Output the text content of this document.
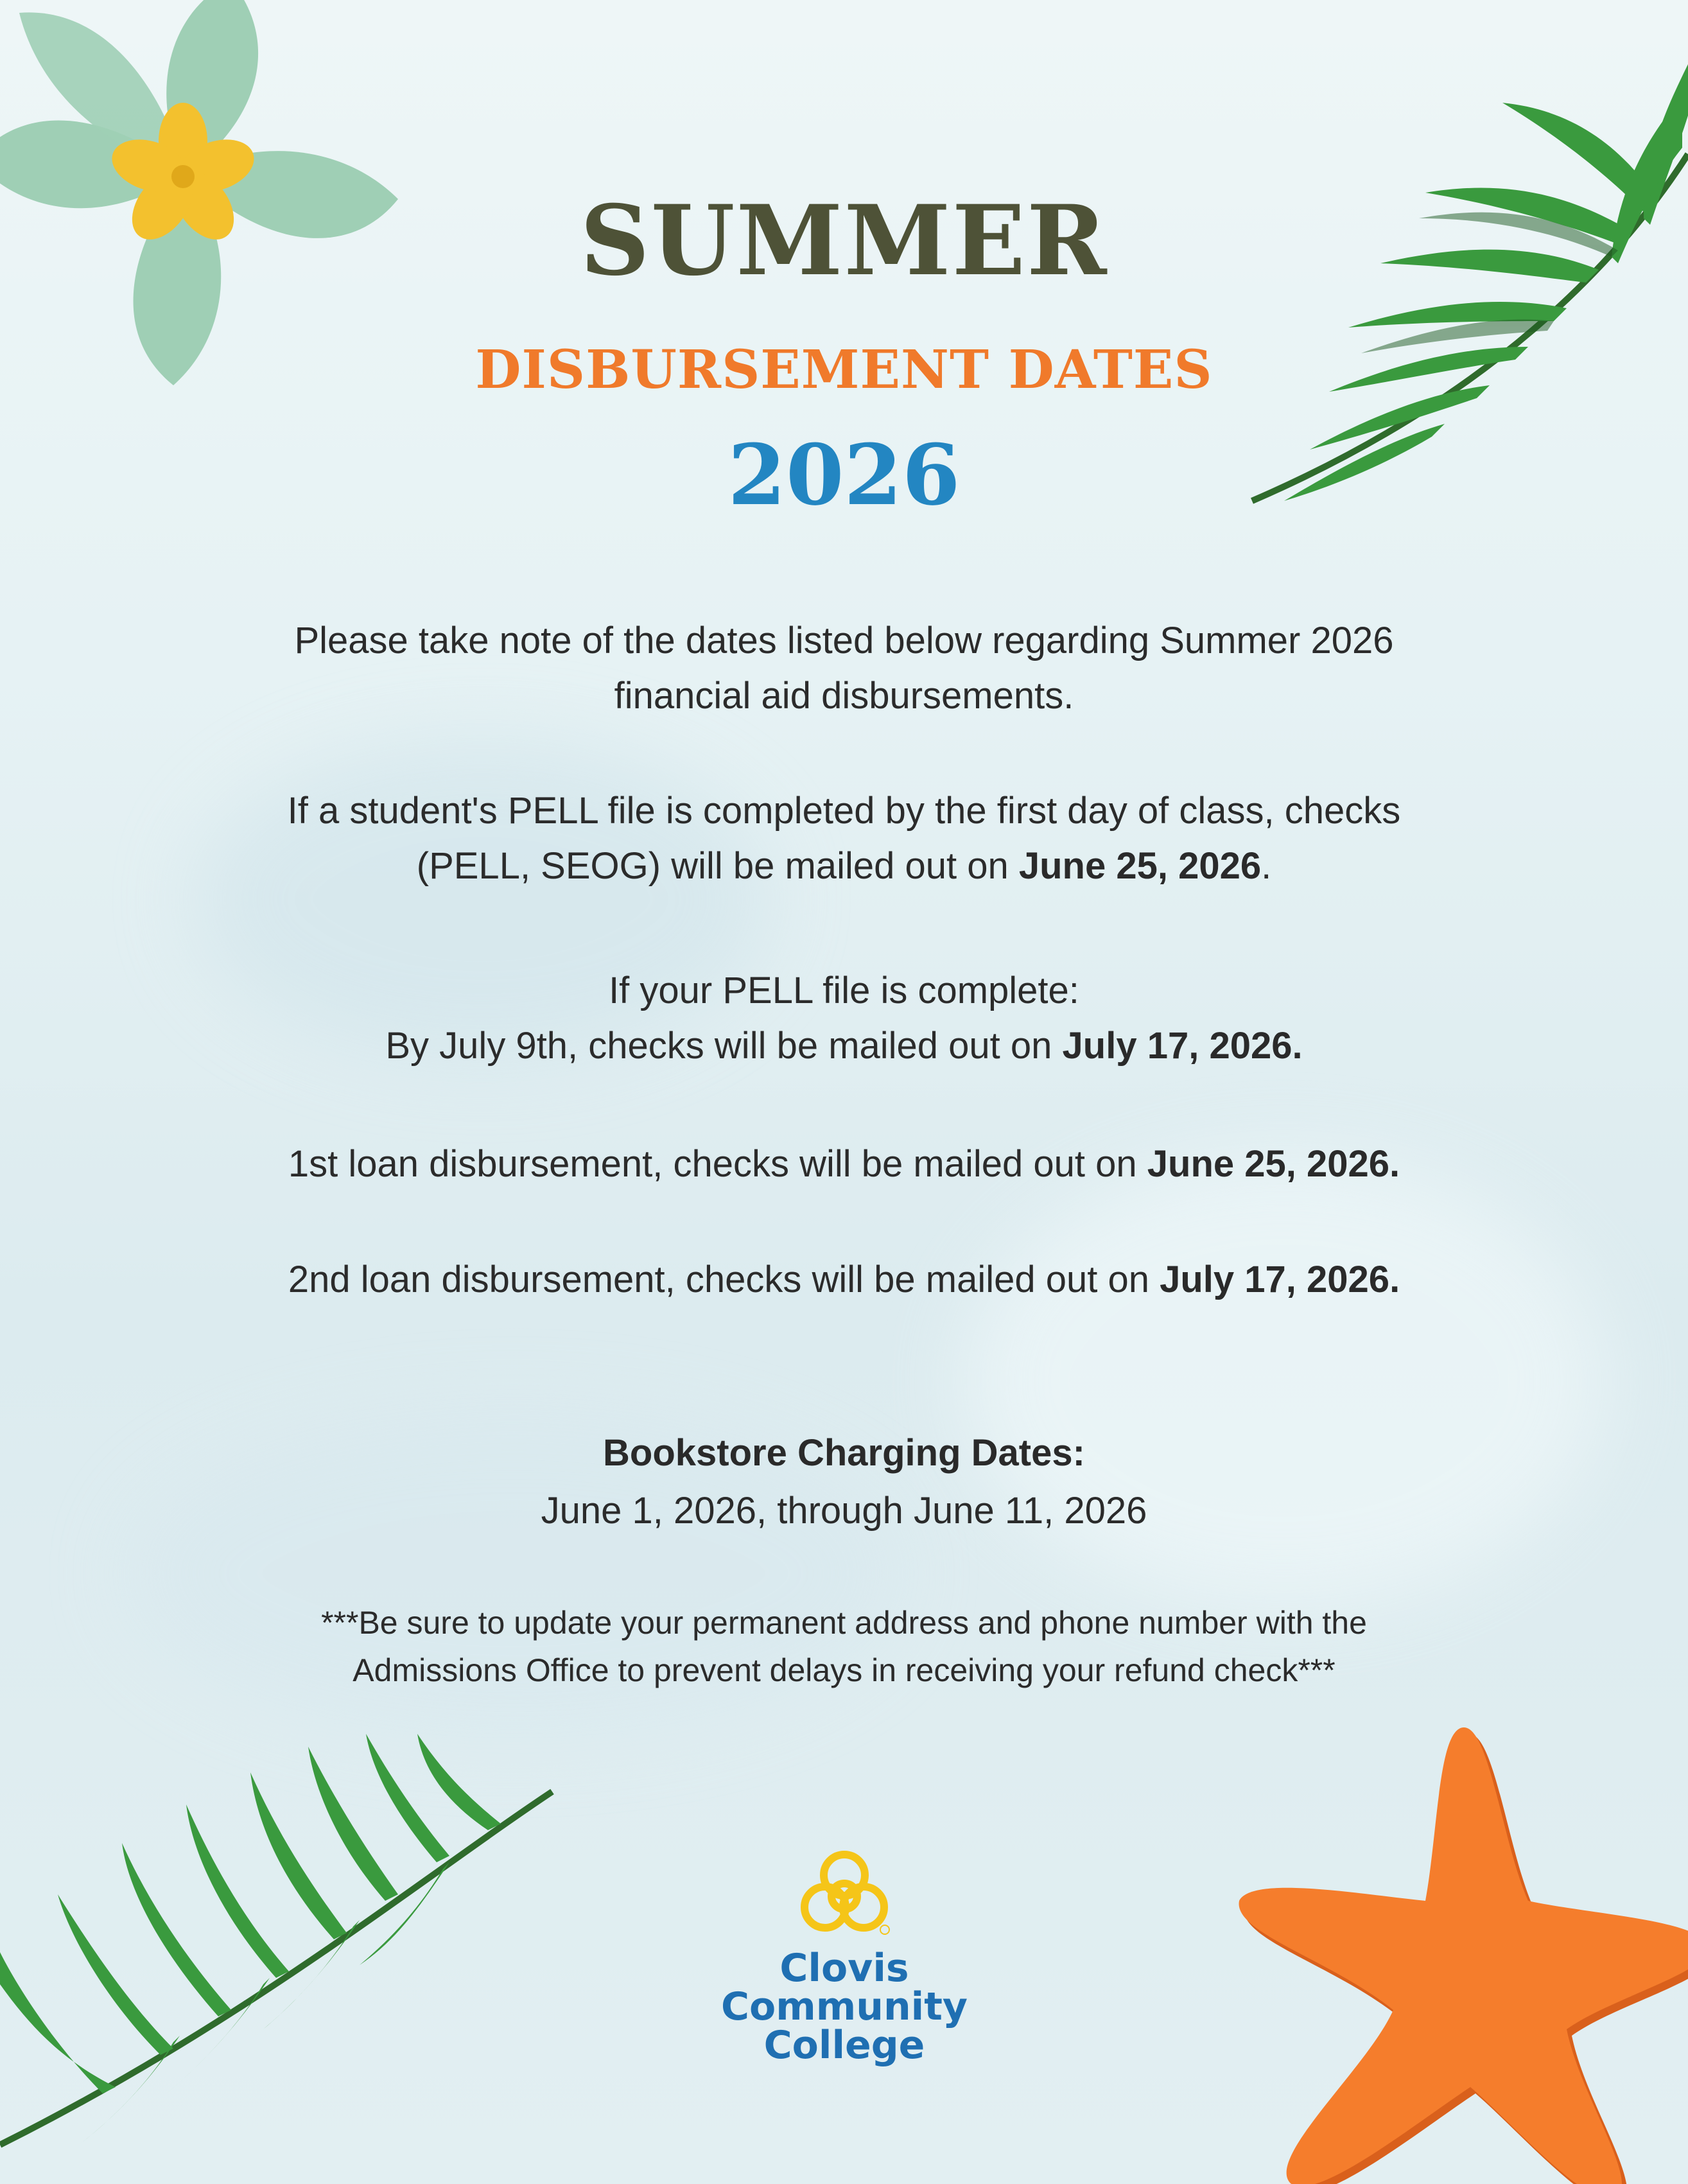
SUMMER
DISBURSEMENT DATES
2026
Please take note of the dates listed below regarding Summer 2026
financial aid disbursements.
If a student's PELL file is completed by the first day of class, checks
(PELL, SEOG) will be mailed out on June 25, 2026.
If your PELL file is complete:
By July 9th, checks will be mailed out on July 17, 2026.
1st loan disbursement, checks will be mailed out on June 25, 2026.
2nd loan disbursement, checks will be mailed out on July 17, 2026.
Bookstore Charging Dates:
June 1, 2026, through June 11, 2026
***Be sure to update your permanent address and phone number with the
Admissions Office to prevent delays in receiving your refund check***
Clovis
Community
College
